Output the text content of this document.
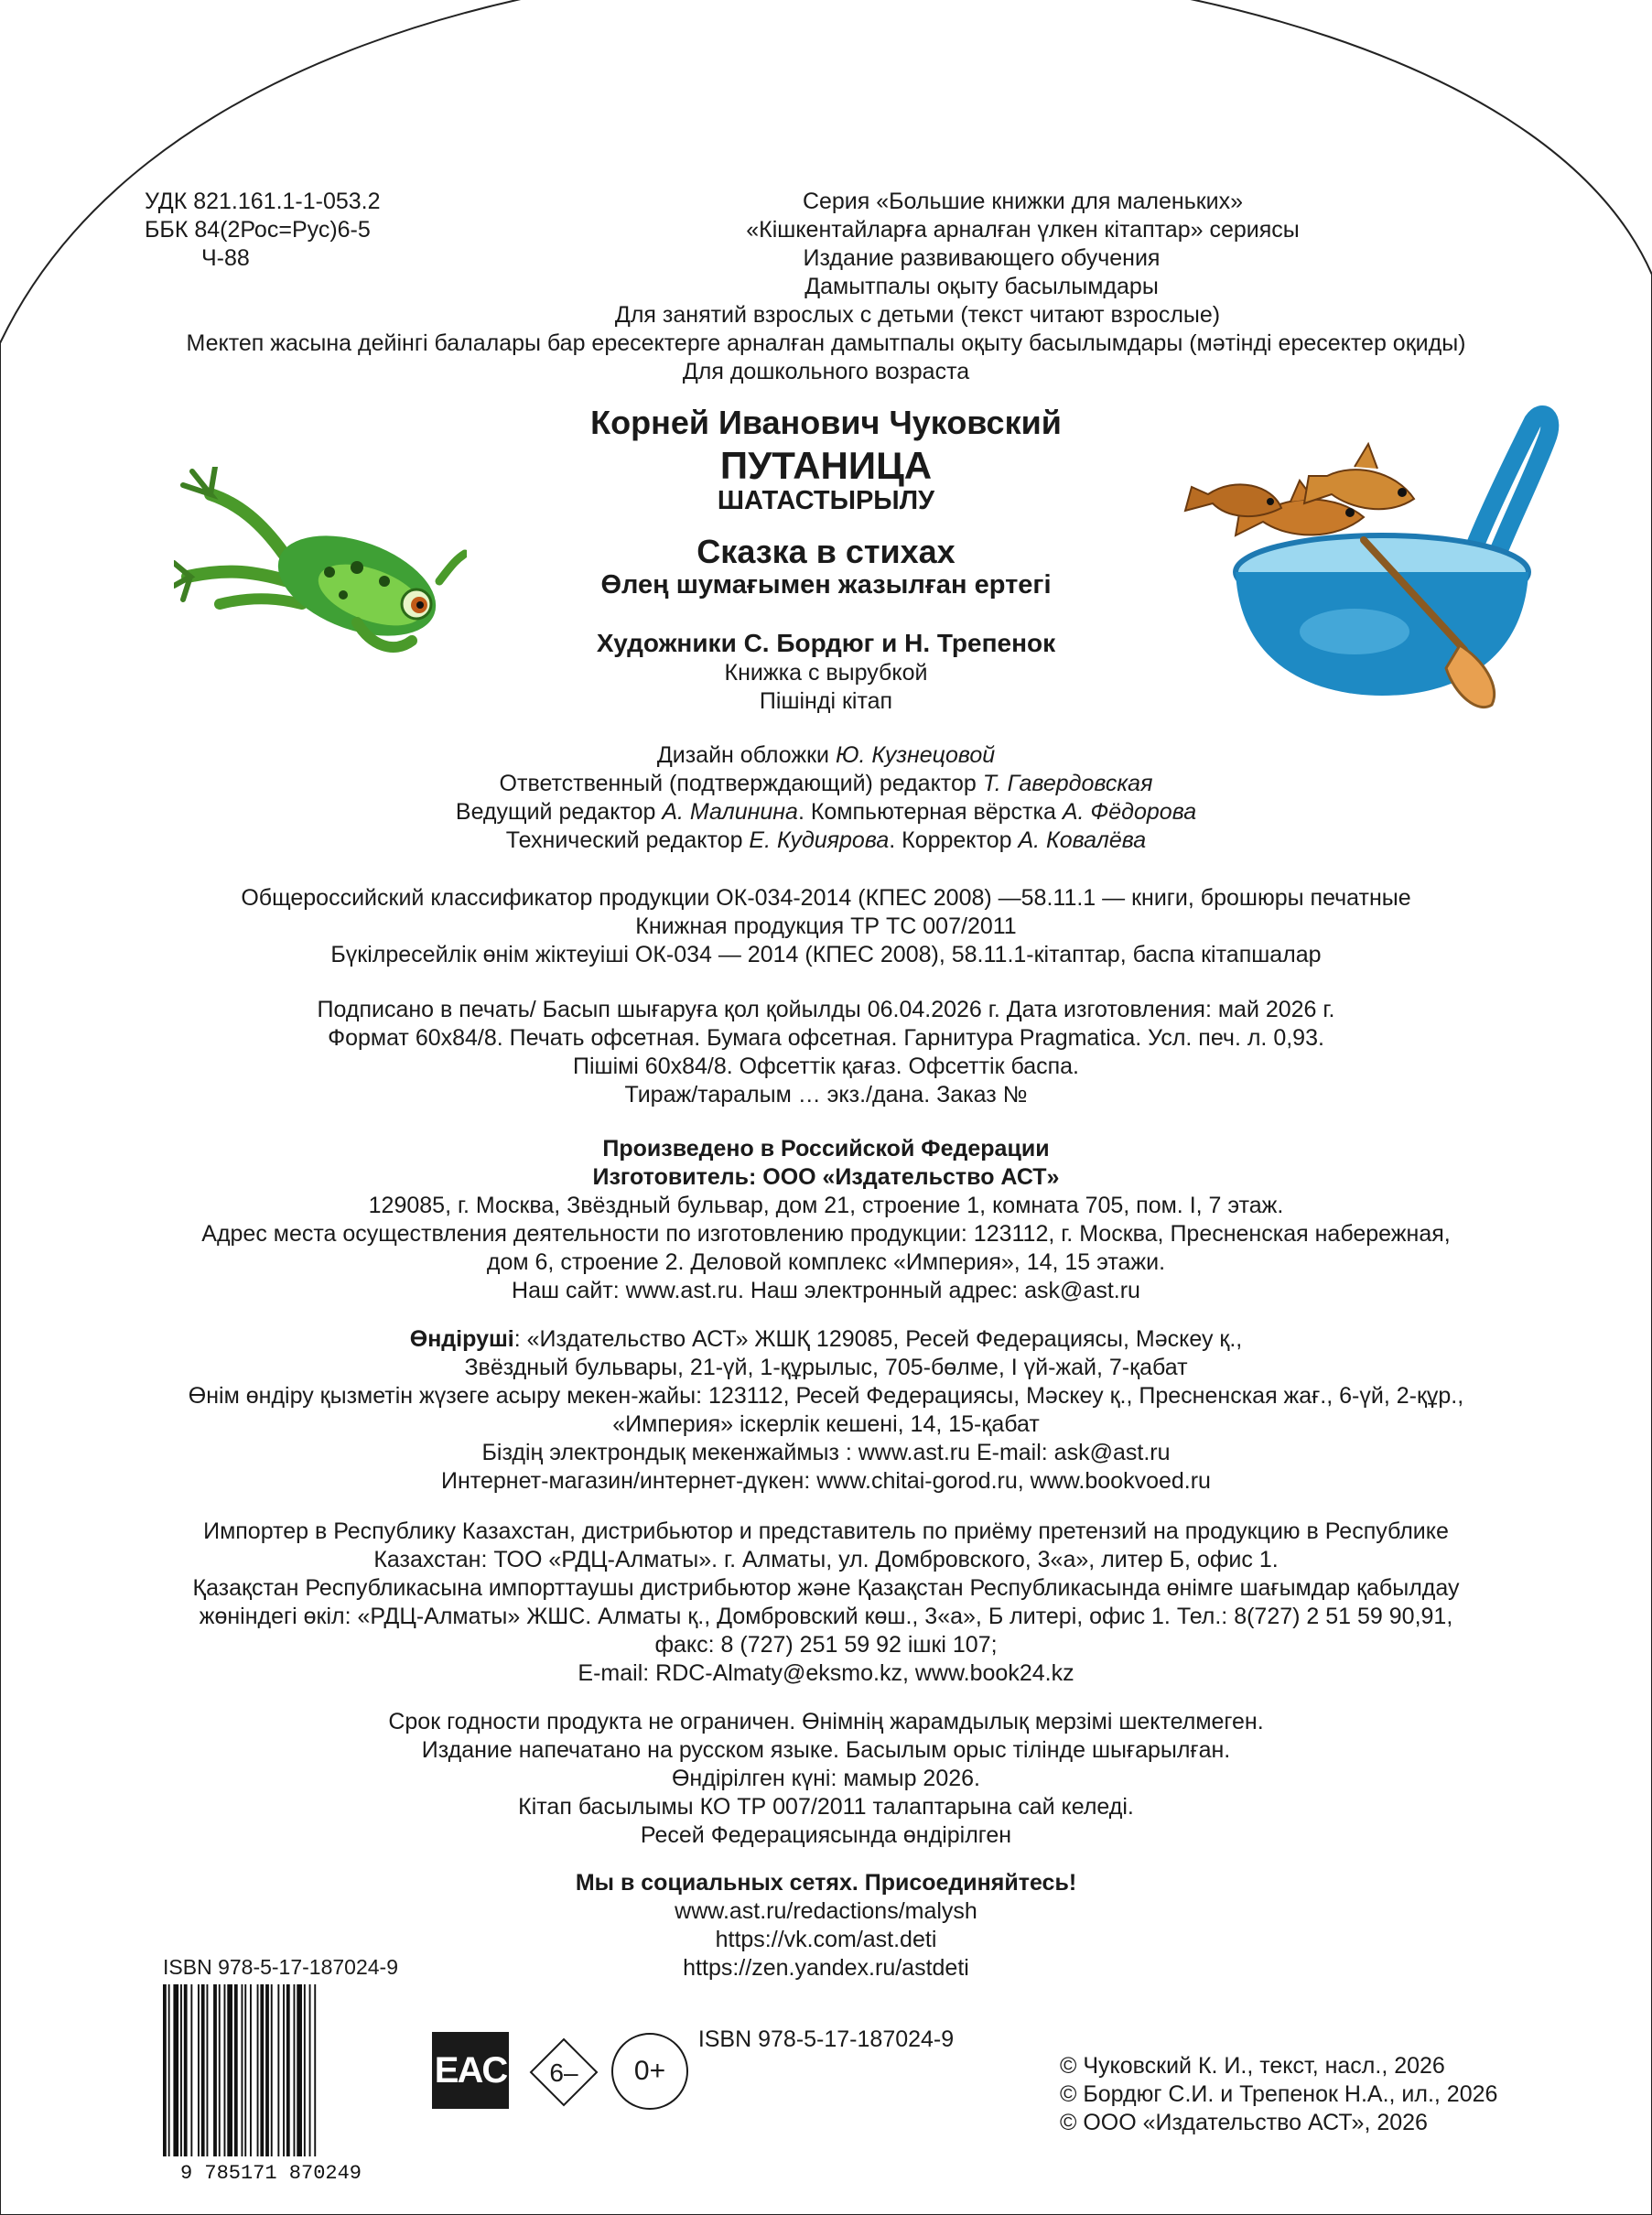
УДК 821.161.1-1-053.2
ББК 84(2Рос=Рус)6-5
Ч-88
Серия «Большие книжки для маленьких»
«Кішкентайларға арналған үлкен кітаптар» сериясы
Издание развивающего обучения
Дамытпалы оқыту басылымдары
Для занятий взрослых с детьми (текст читают взрослые)
Мектеп жасына дейінгі балалары бар ересектерге арналған дамытпалы оқыту басылымдары (мәтінді ересектер оқиды)
Для дошкольного возраста
Корней Иванович Чуковский
ПУТАНИЦА
ШАТАСТЫРЫЛУ
Сказка в стихах
Өлең шумағымен жазылған ертегі
Художники С. Бордюг и Н. Трепенок
Книжка с вырубкой
Пішінді кітап
Дизайн обложки Ю. Кузнецовой
Ответственный (подтверждающий) редактор Т. Гавердовская
Ведущий редактор А. Малинина. Компьютерная вёрстка А. Фёдорова
Технический редактор Е. Кудиярова. Корректор А. Ковалёва
Общероссийский классификатор продукции ОК-034-2014 (КПЕС 2008) —58.11.1 — книги, брошюры печатные
Книжная продукция ТР ТС 007/2011
Бүкілресейлік өнім жіктеуіші ОК-034 — 2014 (КПЕС 2008), 58.11.1-кітаптар, баспа кітапшалар
Подписано в печать/ Басып шығаруға қол қойылды 06.04.2026 г. Дата изготовления: май 2026 г.
Формат 60х84/8. Печать офсетная. Бумага офсетная. Гарнитура Pragmatica. Усл. печ. л. 0,93.
Пішімі 60х84/8. Офсеттік қағаз. Офсеттік баспа.
Тираж/таралым … экз./дана. Заказ №
Произведено в Российской Федерации
Изготовитель: ООО «Издательство АСТ»
129085, г. Москва, Звёздный бульвар, дом 21, строение 1, комната 705, пом. I, 7 этаж.
Адрес места осуществления деятельности по изготовлению продукции: 123112, г. Москва, Пресненская набережная,
дом 6, строение 2. Деловой комплекс «Империя», 14, 15 этажи.
Наш сайт: www.ast.ru. Наш электронный адрес: ask@ast.ru
Өндіруші: «Издательство АСТ» ЖШҚ 129085, Ресей Федерациясы, Мәскеу қ.,
Звёздный бульвары, 21-үй, 1-құрылыс, 705-бөлме, I үй-жай, 7-қабат
Өнім өндіру қызметін жүзеге асыру мекен-жайы: 123112, Ресей Федерациясы, Мәскеу қ., Пресненская жағ., 6-үй, 2-құр.,
«Империя» іскерлік кешені, 14, 15-қабат
Біздің электрондық мекенжаймыз : www.ast.ru E-mail: ask@ast.ru
Интернет-магазин/интернет-дүкен: www.chitai-gorod.ru, www.bookvoed.ru
Импортер в Республику Казахстан, дистрибьютор и представитель по приёму претензий на продукцию в Республике
Казахстан: ТОО «РДЦ-Алматы». г. Алматы, ул. Домбровского, 3«а», литер Б, офис 1.
Қазақстан Республикасына импорттаушы дистрибьютор және Қазақстан Республикасында өнімге шағымдар қабылдау
жөніндегі өкіл: «РДЦ-Алматы» ЖШС. Алматы қ., Домбровский көш., 3«а», Б литері, офис 1. Тел.: 8(727) 2 51 59 90,91,
факс: 8 (727) 251 59 92 ішкі 107;
E-mail: RDC-Almaty@eksmo.kz, www.book24.kz
Срок годности продукта не ограничен. Өнімнің жарамдылық мерзімі шектелмеген.
Издание напечатано на русском языке. Басылым орыс тілінде шығарылған.
Өндірілген күні: мамыр 2026.
Кітап басылымы КО ТР 007/2011 талаптарына сай келеді.
Ресей Федерациясында өндірілген
Мы в социальных сетях. Присоединяйтесь!
www.ast.ru/redactions/malysh
https://vk.com/ast.deti
https://zen.yandex.ru/astdeti
ISBN 978-5-17-187024-9
9 785171 870249
EAC 6–	0+
ISBN 978-5-17-187024-9
© Чуковский К. И., текст, насл., 2026
© Бордюг С.И. и Трепенок Н.А., ил., 2026
© ООО «Издательство АСТ», 2026
